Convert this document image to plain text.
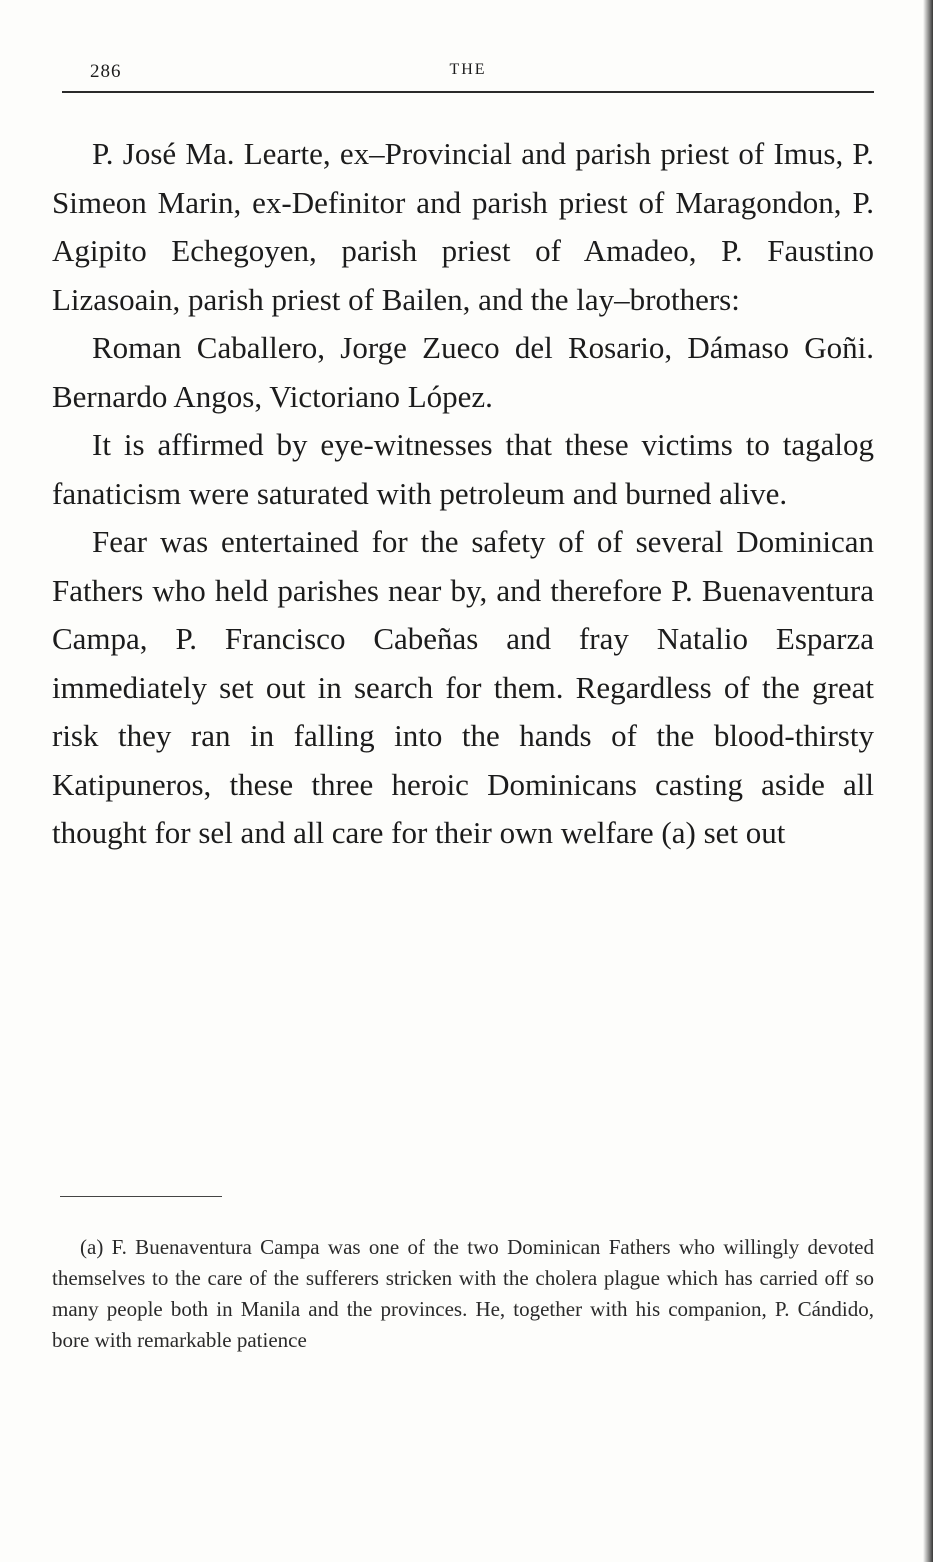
286	THE

P. José Ma. Learte, ex–Provincial and parish priest of Imus, P. Simeon Marin, ex-Definitor and parish priest of Maragondon, P. Agipito Echegoyen, parish priest of Amadeo, P. Faustino Lizasoain, parish priest of Bailen, and the lay–brothers:

Roman Caballero, Jorge Zueco del Rosario, Dámaso Goñi. Bernardo Angos, Victoriano López.

It is affirmed by eye-witnesses that these victims to tagalog fanaticism were saturated with petroleum and burned alive.

Fear was entertained for the safety of of several Dominican Fathers who held parishes near by, and therefore P. Buenaventura Campa, P. Francisco Cabeñas and fray Natalio Esparza immediately set out in search for them. Regardless of the great risk they ran in falling into the hands of the blood-thirsty Katipuneros, these three heroic Dominicans casting aside all thought for sel and all care for their own welfare (a) set out

(a) F. Buenaventura Campa was one of the two Dominican Fathers who willingly devoted themselves to the care of the sufferers stricken with the cholera plague which has carried off so many people both in Manila and the provinces. He, together with his companion, P. Cándido, bore with remarkable patience
